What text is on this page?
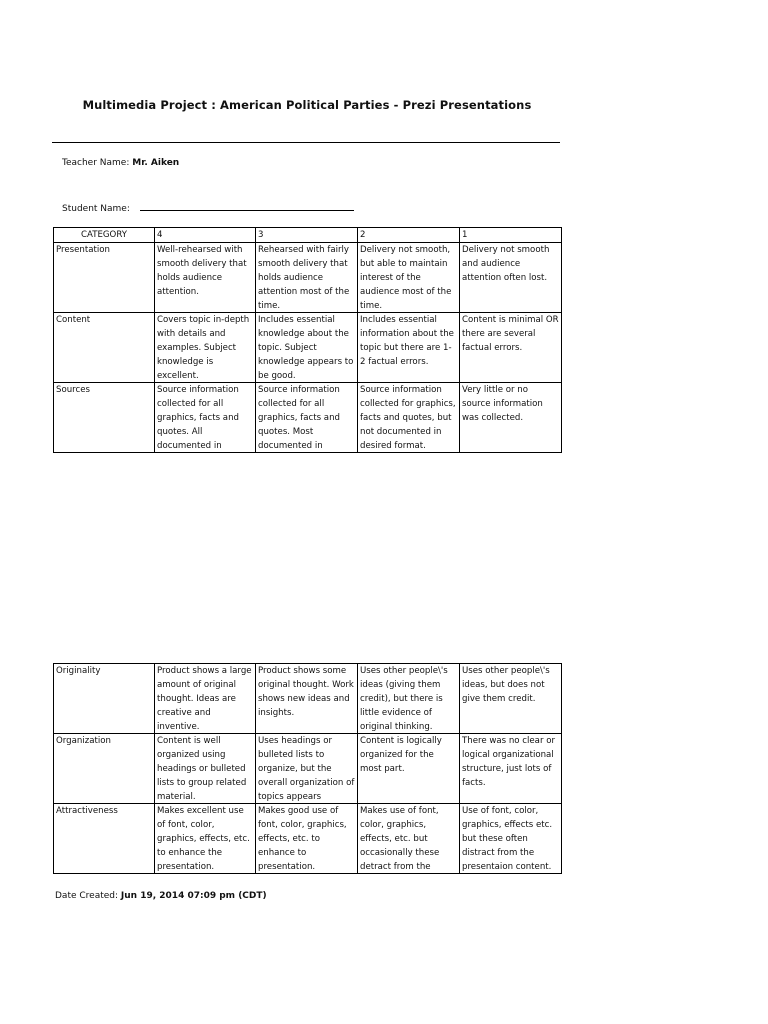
Multimedia Project : American Political Parties - Prezi Presentations
Teacher Name: Mr. Aiken
Student Name:
CATEGORY	4	3	2	1
Presentation	Well-rehearsed with smooth delivery that holds audience attention.	Rehearsed with fairly smooth delivery that holds audience attention most of the time.	Delivery not smooth, but able to maintain interest of the audience most of the time.	Delivery not smooth and audience attention often lost.

Content	Covers topic in-depth with details and examples. Subject knowledge is excellent.	Includes essential knowledge about the topic. Subject knowledge appears to be good.	Includes essential information about the topic but there are 1-2 factual errors.	Content is minimal OR there are several factual errors.

Sources	Source information collected for all graphics, facts and quotes. All documented in	Source information collected for all graphics, facts and quotes. Most documented in	Source information collected for graphics, facts and quotes, but not documented in desired format.	Very little or no source information was collected.
Originality	Product shows a large amount of original thought. Ideas are creative and inventive.	Product shows some original thought. Work shows new ideas and insights.	Uses other people\'s ideas (giving them credit), but there is little evidence of original thinking.	Uses other people\'s ideas, but does not give them credit.

Organization	Content is well organized using headings or bulleted lists to group related material.	Uses headings or bulleted lists to organize, but the overall organization of topics appears	Content is logically organized for the most part.	There was no clear or logical organizational structure, just lots of facts.

Attractiveness	Makes excellent use of font, color, graphics, effects, etc. to enhance the presentation.	Makes good use of font, color, graphics, effects, etc. to enhance to presentation.	Makes use of font, color, graphics, effects, etc. but occasionally these detract from the	Use of font, color, graphics, effects etc. but these often distract from the presentaion content.
Date Created: Jun 19, 2014 07:09 pm (CDT)
